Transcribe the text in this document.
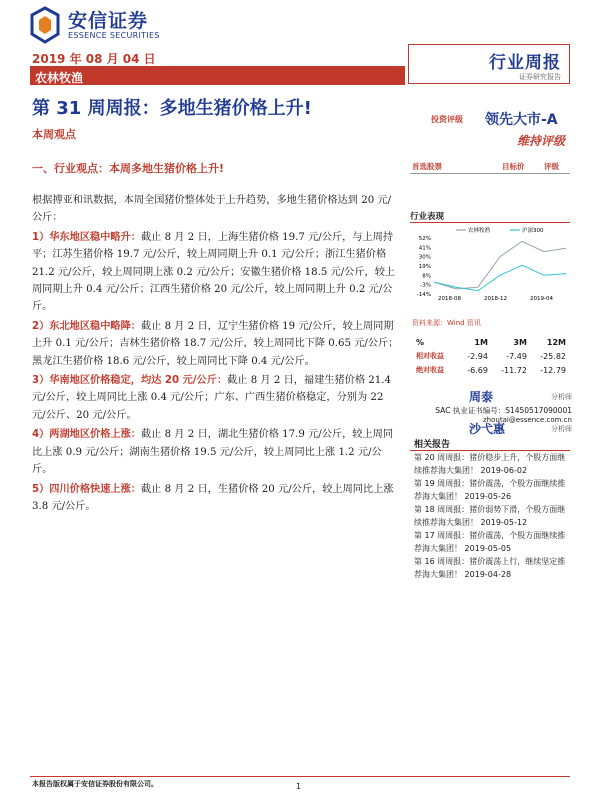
安信证券
ESSENCE SECURITIES
2019 年 08 月 04 日
农林牧渔
行业周报
证券研究报告
第 31 周周报：多地生猪价格上升!
本周观点
一、行业观点：本周多地生猪价格上升!

根据搏亚和讯数据，本周全国猪价整体处于上升趋势，多地生猪价格达到 20 元/公斤：

1）华东地区稳中略升：截止 8 月 2 日，上海生猪价格 19.7 元/公斤，与上周持平；江苏生猪价格 19.7 元/公斤，较上周同期上升 0.1 元/公斤；浙江生猪价格 21.2 元/公斤，较上周同期上涨 0.2 元/公斤；安徽生猪价格 18.5 元/公斤，较上周同期上升 0.4 元/公斤；江西生猪价格 20 元/公斤，较上周同期上升 0.2 元/公斤。

2）东北地区稳中略降：截止 8 月 2 日，辽宁生猪价格 19 元/公斤，较上周同期上升 0.1 元/公斤；吉林生猪价格 18.7 元/公斤，较上周同比下降 0.65 元/公斤；黑龙江生猪价格 18.6 元/公斤，较上周同比下降 0.4 元/公斤。

3）华南地区价格稳定，均达 20 元/公斤：截止 8 月 2 日，福建生猪价格 21.4 元/公斤，较上周同比上涨 0.4 元/公斤；广东、广西生猪价格稳定，分别为 22 元/公斤、20 元/公斤。

4）两湖地区价格上涨：截止 8 月 2 日，湖北生猪价格 17.9 元/公斤，较上周同比上涨 0.9 元/公斤；湖南生猪价格 19.5 元/公斤，较上周同比上涨 1.2 元/公斤。

5）四川价格快速上涨：截止 8 月 2 日，生猪价格 20 元/公斤，较上周同比上涨 3.8 元/公斤。

投资评级 领先大市-A
维持评级
首选股票	目标价	评级
行业表现
52%
41%
30%
19%
8%
-3%
-14%
2018-08	2018-12	2019-04
农林牧渔	沪深300
资料来源：Wind 资讯
%	1M	3M	12M
相对收益	-2.94	-7.49	-25.82
绝对收益	-6.69	-11.72	-12.79
周泰	分析师
SAC 执业证书编号：S1450517090001
zhoutai@essence.com.cn
沙弋惠	分析师
相关报告
第 20 周周报：猪价稳步上升，个股方面继续推荐海大集团！ 2019-06-02
第 19 周周报：猪价震荡，个股方面继续推荐海大集团！ 2019-05-26
第 18 周周报：猪价弱势下滑，个股方面继续推荐海大集团！ 2019-05-12
第 17 周周报：猪价震荡，个股方面继续推荐海大集团！ 2019-05-05
第 16 周周报：猪价震荡上行，继续坚定推荐海大集团！ 2019-04-28
本报告版权属于安信证券股份有限公司。	1
